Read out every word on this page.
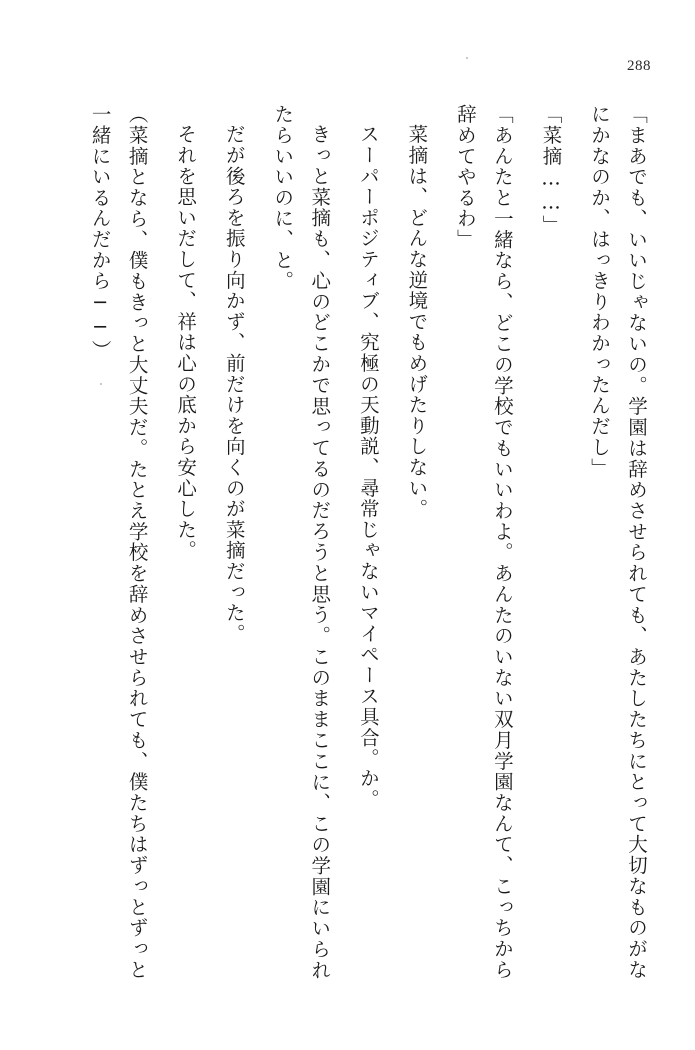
288

「まあでも、いいじゃないの。学園は辞めさせられても、あたしたちにとって大切なものがなにかなのか、はっきりわかったんだし」

「菜摘……」

「あんたと一緒なら、どこの学校でもいいわよ。あんたのいない双月学園なんて、こっちから辞めてやるわ」

菜摘は、どんな逆境でもめげたりしない。

スーパーポジティブ、究極の天動説、尋常じゃないマイペース具合。

か。

きっと菜摘も、心のどこかで思ってるのだろうと思う。このままここに、この学園にいられたらいいのに、と。

だが後ろを振り向かず、前だけを向くのが菜摘だった。

それを思いだして、祥は心の底から安心した。

（菜摘となら、僕もきっと大丈夫だ。たとえ学校を辞めさせられても、僕たちはずっとずっと一緒にいるんだから──）
